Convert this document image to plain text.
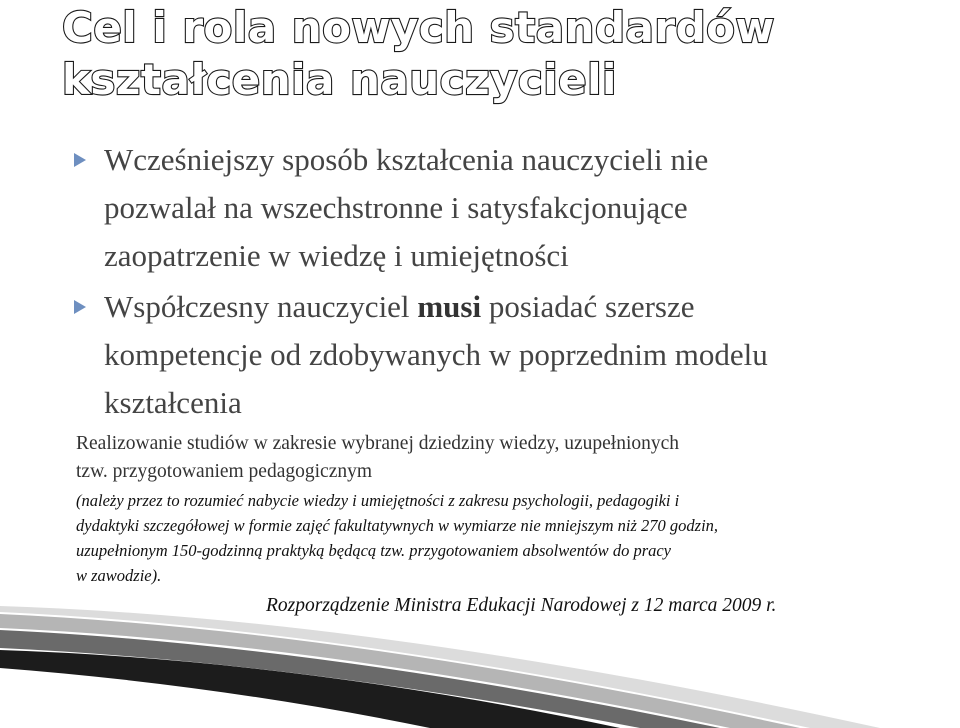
Cel i rola nowych standardów
kształcenia nauczycieli
Wcześniejszy sposób kształcenia nauczycieli nie
pozwalał na wszechstronne i satysfakcjonujące
zaopatrzenie w wiedzę i umiejętności
Współczesny nauczyciel musi posiadać szersze
kompetencje od zdobywanych w poprzednim modelu
kształcenia
Realizowanie studiów w zakresie wybranej dziedziny wiedzy, uzupełnionych
tzw. przygotowaniem pedagogicznym
(należy przez to rozumieć nabycie wiedzy i umiejętności z zakresu psychologii, pedagogiki i
dydaktyki szczegółowej w formie zajęć fakultatywnych w wymiarze nie mniejszym niż 270 godzin,
uzupełnionym 150-godzinną praktyką będącą tzw. przygotowaniem absolwentów do pracy
w zawodzie).
Rozporządzenie Ministra Edukacji Narodowej z 12 marca 2009 r.
